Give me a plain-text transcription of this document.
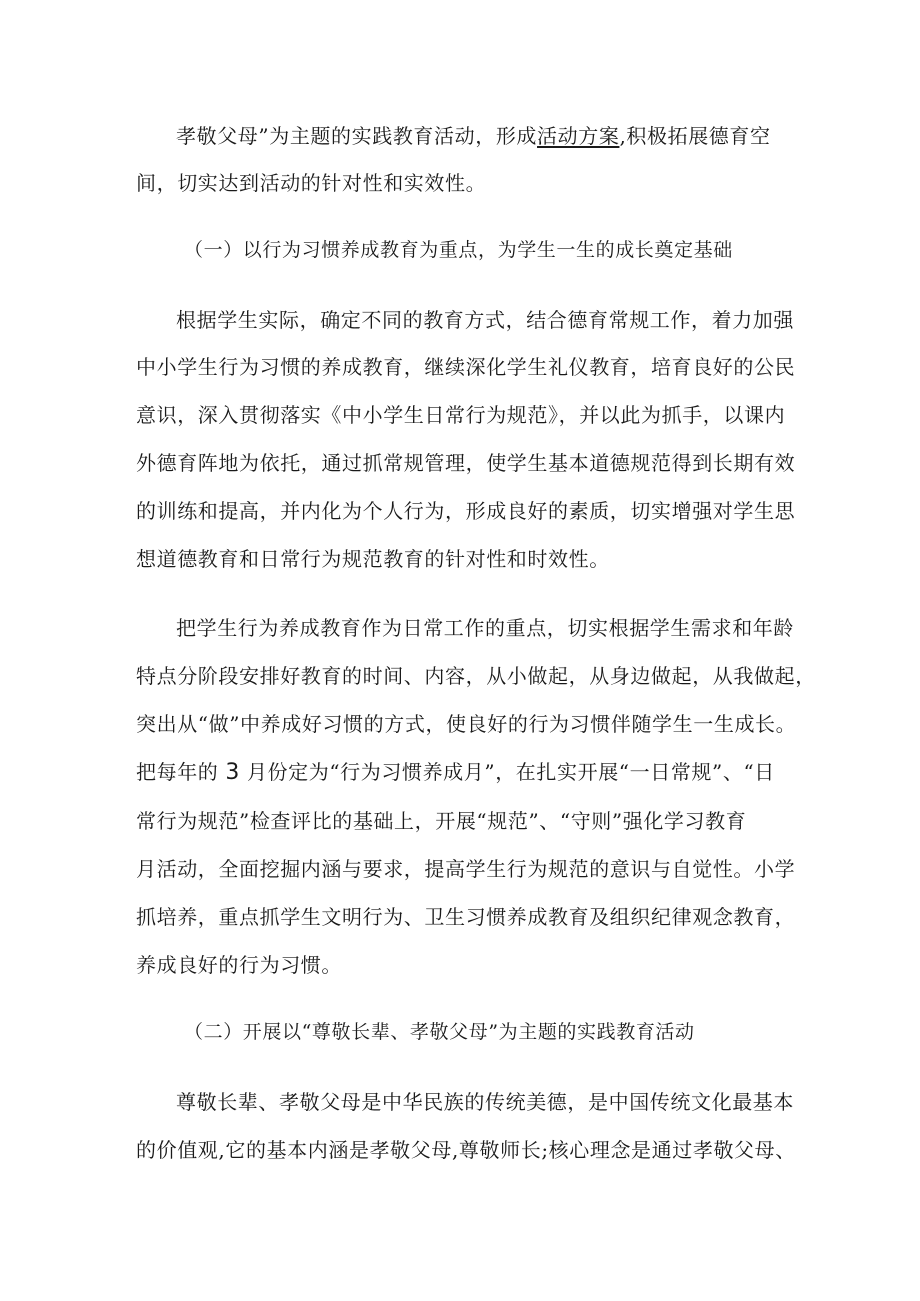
孝敬父母”为主题的实践教育活动，形成活动方案,积极拓展德育空
间，切实达到活动的针对性和实效性。
（一）以行为习惯养成教育为重点，为学生一生的成长奠定基础
根据学生实际，确定不同的教育方式，结合德育常规工作，着力加强
中小学生行为习惯的养成教育，继续深化学生礼仪教育，培育良好的公民
意识，深入贯彻落实《中小学生日常行为规范》，并以此为抓手，以课内
外德育阵地为依托，通过抓常规管理，使学生基本道德规范得到长期有效
的训练和提高，并内化为个人行为，形成良好的素质，切实增强对学生思
想道德教育和日常行为规范教育的针对性和时效性。
把学生行为养成教育作为日常工作的重点，切实根据学生需求和年龄
特点分阶段安排好教育的时间、内容，从小做起，从身边做起，从我做起，
突出从“做”中养成好习惯的方式，使良好的行为习惯伴随学生一生成长。
把每年的 3 月份定为“行为习惯养成月”，在扎实开展“一日常规”、“日
常行为规范”检查评比的基础上，开展“规范”、“守则”强化学习教育
月活动，全面挖掘内涵与要求，提高学生行为规范的意识与自觉性。小学
抓培养，重点抓学生文明行为、卫生习惯养成教育及组织纪律观念教育，
养成良好的行为习惯。
（二）开展以“尊敬长辈、孝敬父母”为主题的实践教育活动
尊敬长辈、孝敬父母是中华民族的传统美德，是中国传统文化最基本
的价值观,它的基本内涵是孝敬父母,尊敬师长;核心理念是通过孝敬父母、
